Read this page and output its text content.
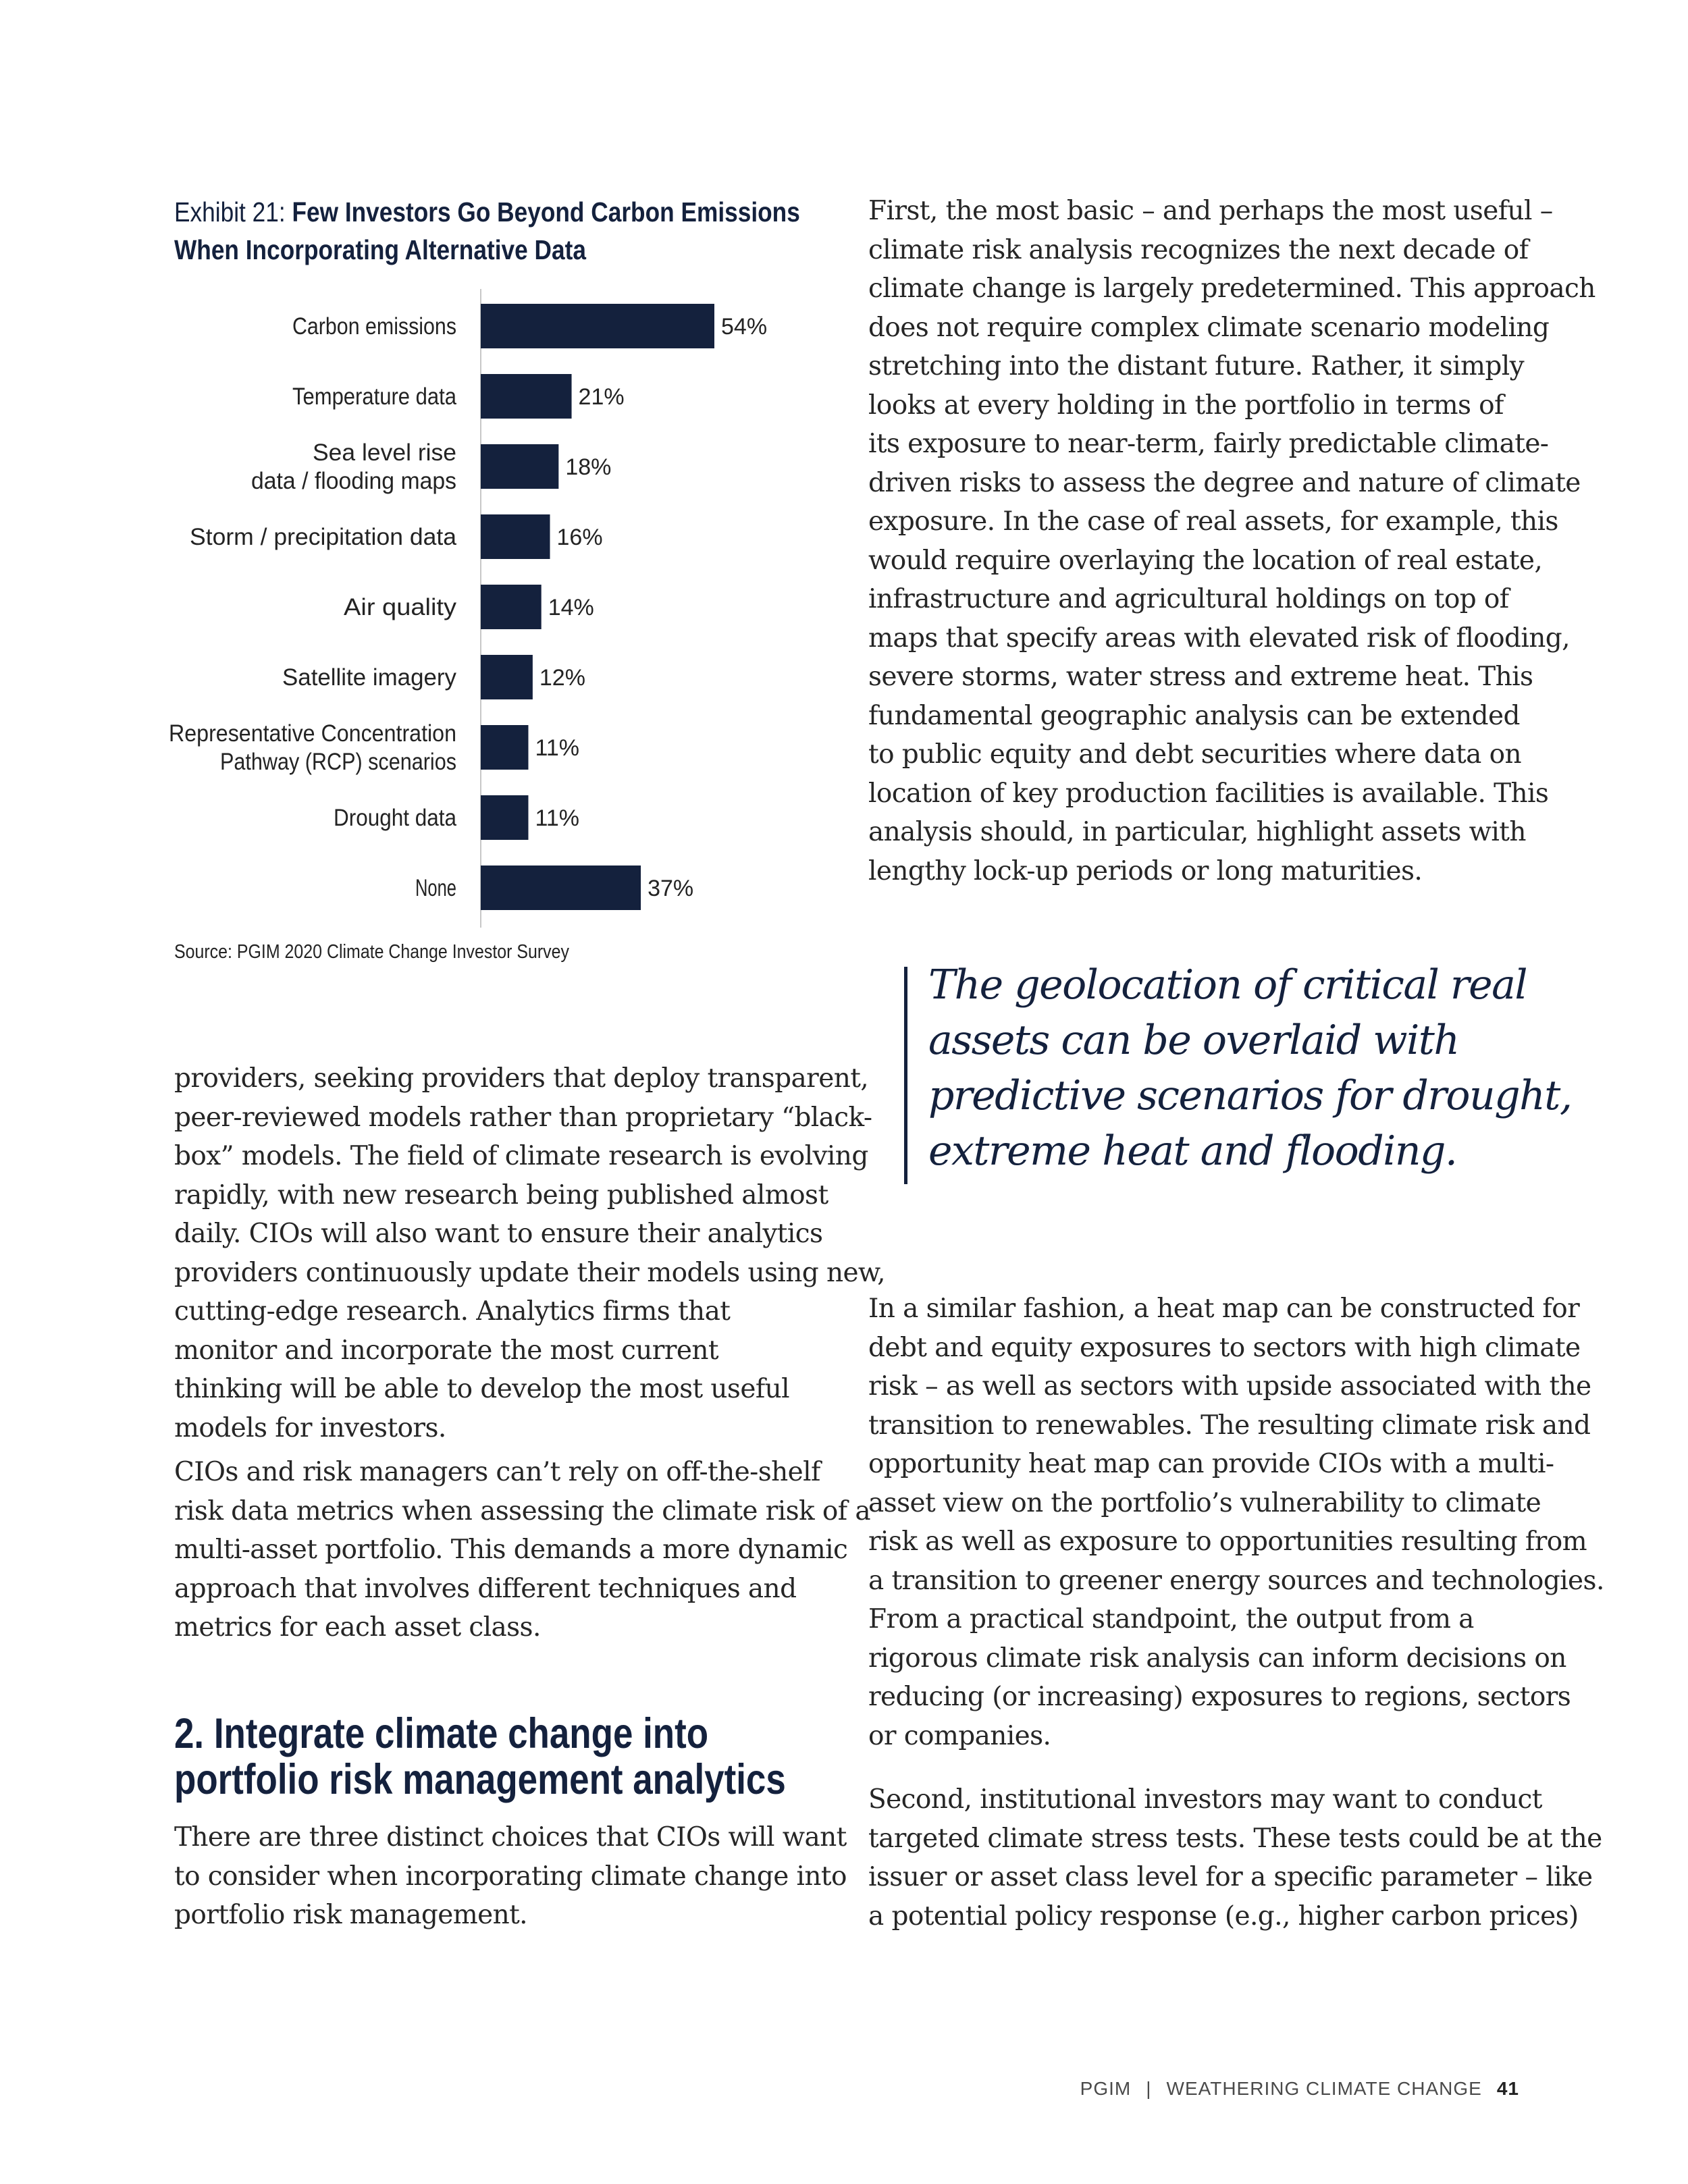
Exhibit 21: Few Investors Go Beyond Carbon Emissions
When Incorporating Alternative Data
54%
Carbon emissions
21%
Temperature data
18%
Sea level rise
data / flooding maps
16%
Storm / precipitation data
14%
Air quality
12%
Satellite imagery
11%
Representative Concentration
Pathway (RCP) scenarios
11%
Drought data
37%
None
Source: PGIM 2020 Climate Change Investor Survey
First, the most basic – and perhaps the most useful –
climate risk analysis recognizes the next decade of
climate change is largely predetermined. This approach
does not require complex climate scenario modeling
stretching into the distant future. Rather, it simply
looks at every holding in the portfolio in terms of
its exposure to near-term, fairly predictable climate-
driven risks to assess the degree and nature of climate
exposure. In the case of real assets, for example, this
would require overlaying the location of real estate,
infrastructure and agricultural holdings on top of
maps that specify areas with elevated risk of flooding,
severe storms, water stress and extreme heat. This
fundamental geographic analysis can be extended
to public equity and debt securities where data on
location of key production facilities is available. This
analysis should, in particular, highlight assets with
lengthy lock-up periods or long maturities.
The geolocation of critical real
assets can be overlaid with
predictive scenarios for drought,
extreme heat and flooding.
providers, seeking providers that deploy transparent,
peer-reviewed models rather than proprietary “black-
box” models. The field of climate research is evolving
rapidly, with new research being published almost
daily. CIOs will also want to ensure their analytics
providers continuously update their models using new,
cutting-edge research. Analytics firms that
monitor and incorporate the most current
thinking will be able to develop the most useful
models for investors.
CIOs and risk managers can’t rely on off-the-shelf
risk data metrics when assessing the climate risk of a
multi-asset portfolio. This demands a more dynamic
approach that involves different techniques and
metrics for each asset class.
2. Integrate climate change into
portfolio risk management analytics
There are three distinct choices that CIOs will want
to consider when incorporating climate change into
portfolio risk management.
In a similar fashion, a heat map can be constructed for
debt and equity exposures to sectors with high climate
risk – as well as sectors with upside associated with the
transition to renewables. The resulting climate risk and
opportunity heat map can provide CIOs with a multi-
asset view on the portfolio’s vulnerability to climate
risk as well as exposure to opportunities resulting from
a transition to greener energy sources and technologies.
From a practical standpoint, the output from a
rigorous climate risk analysis can inform decisions on
reducing (or increasing) exposures to regions, sectors
or companies.
Second, institutional investors may want to conduct
targeted climate stress tests. These tests could be at the
issuer or asset class level for a specific parameter – like
a potential policy response (e.g., higher carbon prices)
PGIM | WEATHERING CLIMATE CHANGE 41
